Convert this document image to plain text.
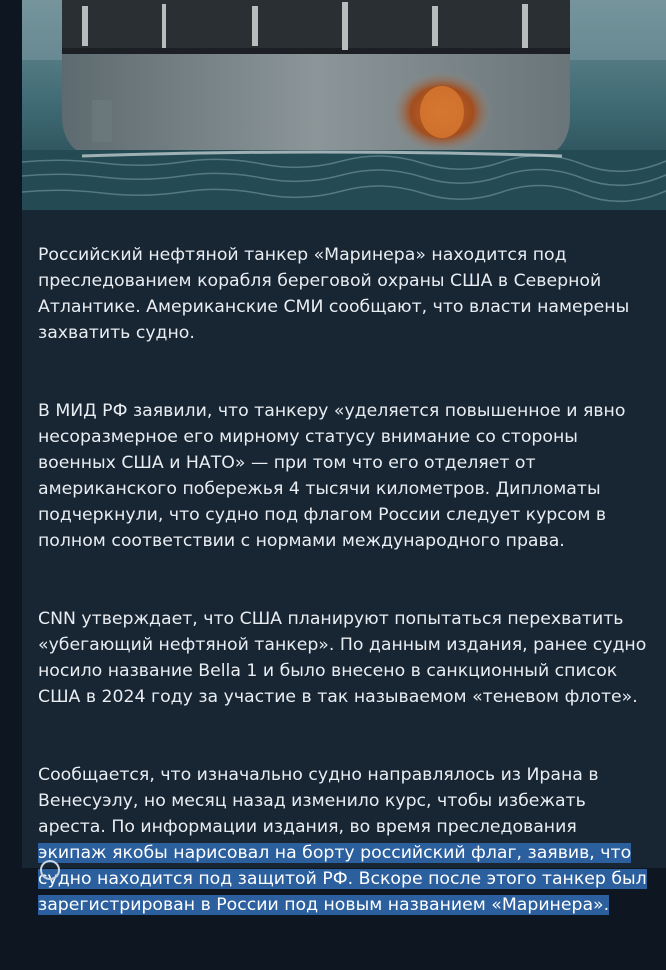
Российский нефтяной танкер «Маринера» находится под преследованием корабля береговой охраны США в Северной Атлантике. Американские СМИ сообщают, что власти намерены захватить судно.

В МИД РФ заявили, что танкеру «уделяется повышенное и явно несоразмерное его мирному статусу внимание со стороны военных США и НАТО» — при том что его отделяет от американского побережья 4 тысячи километров. Дипломаты подчеркнули, что судно под флагом России следует курсом в полном соответствии с нормами международного права.

CNN утверждает, что США планируют попытаться перехватить «убегающий нефтяной танкер». По данным издания, ранее судно носило название Bella 1 и было внесено в санкционный список США в 2024 году за участие в так называемом «теневом флоте».

Сообщается, что изначально судно направлялось из Ирана в Венесуэлу, но месяц назад изменило курс, чтобы избежать ареста. По информации издания, во время преследования экипаж якобы нарисовал на борту российский флаг, заявив, что судно находится под защитой РФ. Вскоре после этого танкер был зарегистрирован в России под новым названием «Маринера».
